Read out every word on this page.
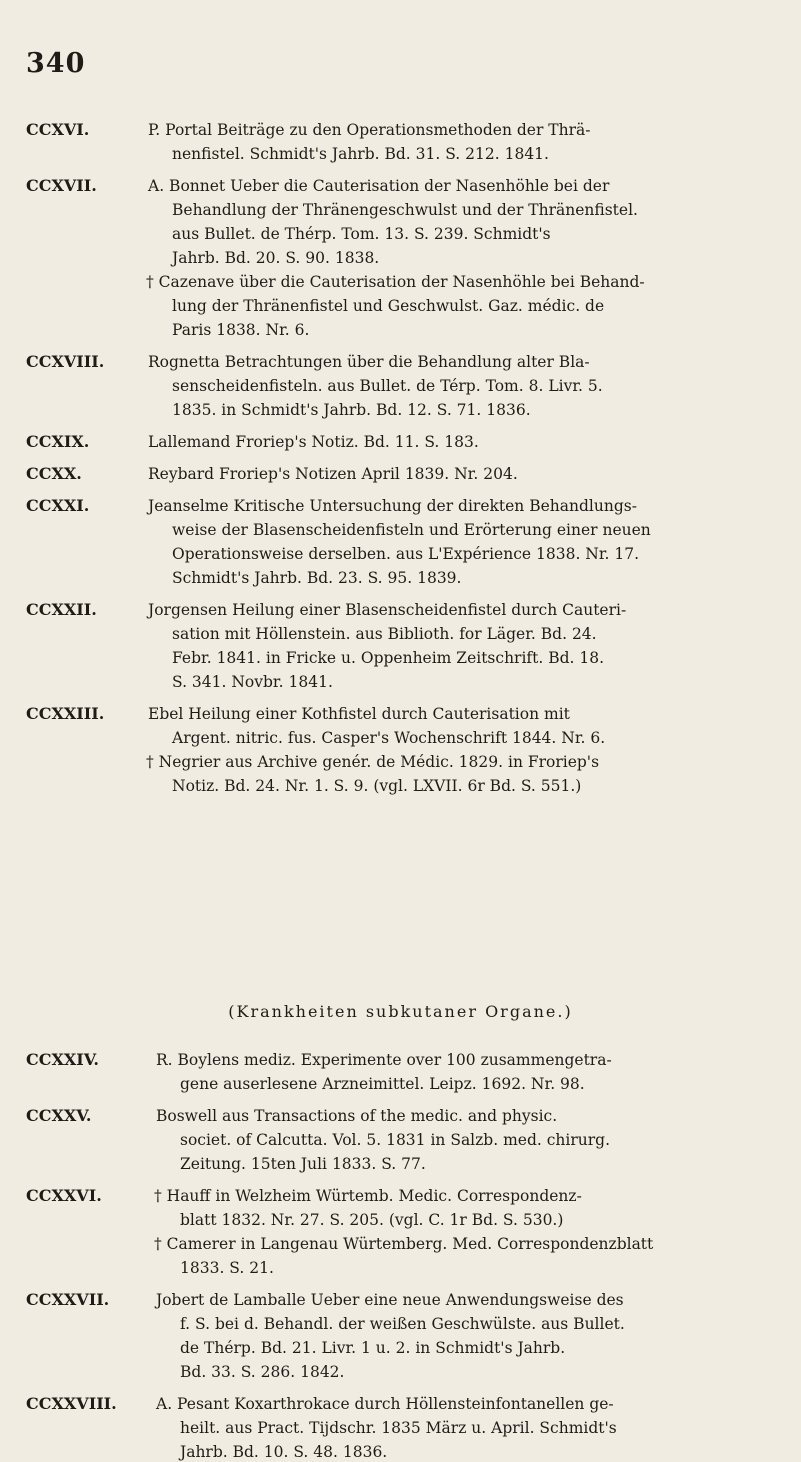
340
CCXVI.	P. Portal Beiträge zu den Operationsmethoden der Thrä-
nenfistel. Schmidt's Jahrb. Bd. 31. S. 212. 1841.
CCXVII.	A. Bonnet Ueber die Cauterisation der Nasenhöhle bei der
Behandlung der Thränengeschwulst und der Thränenfistel.
aus Bullet. de Thérp. Tom. 13. S. 239. Schmidt's
Jahrb. Bd. 20. S. 90. 1838.
† Cazenave über die Cauterisation der Nasenhöhle bei Behand-
lung der Thränenfistel und Geschwulst. Gaz. médic. de
Paris 1838. Nr. 6.
CCXVIII.	Rognetta Betrachtungen über die Behandlung alter Bla-
senscheidenfisteln. aus Bullet. de Térp. Tom. 8. Livr. 5.
1835. in Schmidt's Jahrb. Bd. 12. S. 71. 1836.
CCXIX.	Lallemand Froriep's Notiz. Bd. 11. S. 183.
CCXX.	Reybard Froriep's Notizen April 1839. Nr. 204.
CCXXI.	Jeanselme Kritische Untersuchung der direkten Behandlungs-
weise der Blasenscheidenfisteln und Erörterung einer neuen
Operationsweise derselben. aus L'Expérience 1838. Nr. 17.
Schmidt's Jahrb. Bd. 23. S. 95. 1839.
CCXXII.	Jorgensen Heilung einer Blasenscheidenfistel durch Cauteri-
sation mit Höllenstein. aus Biblioth. for Läger. Bd. 24.
Febr. 1841. in Fricke u. Oppenheim Zeitschrift. Bd. 18.
S. 341. Novbr. 1841.
CCXXIII.	Ebel Heilung einer Kothfistel durch Cauterisation mit
Argent. nitric. fus. Casper's Wochenschrift 1844. Nr. 6.
† Negrier aus Archive genér. de Médic. 1829. in Froriep's
Notiz. Bd. 24. Nr. 1. S. 9. (vgl. LXVII. 6r Bd. S. 551.)
(Krankheiten subkutaner Organe.)
CCXXIV.	R. Boylens mediz. Experimente over 100 zusammengetra-
gene auserlesene Arzneimittel. Leipz. 1692. Nr. 98.
CCXXV.	Boswell aus Transactions of the medic. and physic.
societ. of Calcutta. Vol. 5. 1831 in Salzb. med. chirurg.
Zeitung. 15ten Juli 1833. S. 77.
CCXXVI.	† Hauff in Welzheim Würtemb. Medic. Correspondenz-
blatt 1832. Nr. 27. S. 205. (vgl. C. 1r Bd. S. 530.)
† Camerer in Langenau Würtemberg. Med. Correspondenzblatt
1833. S. 21.
CCXXVII.	Jobert de Lamballe Ueber eine neue Anwendungsweise des
f. S. bei d. Behandl. der weißen Geschwülste. aus Bullet.
de Thérp. Bd. 21. Livr. 1 u. 2. in Schmidt's Jahrb.
Bd. 33. S. 286. 1842.
CCXXVIII.	A. Pesant Koxarthrokace durch Höllensteinfontanellen ge-
heilt. aus Pract. Tijdschr. 1835 März u. April. Schmidt's
Jahrb. Bd. 10. S. 48. 1836.
